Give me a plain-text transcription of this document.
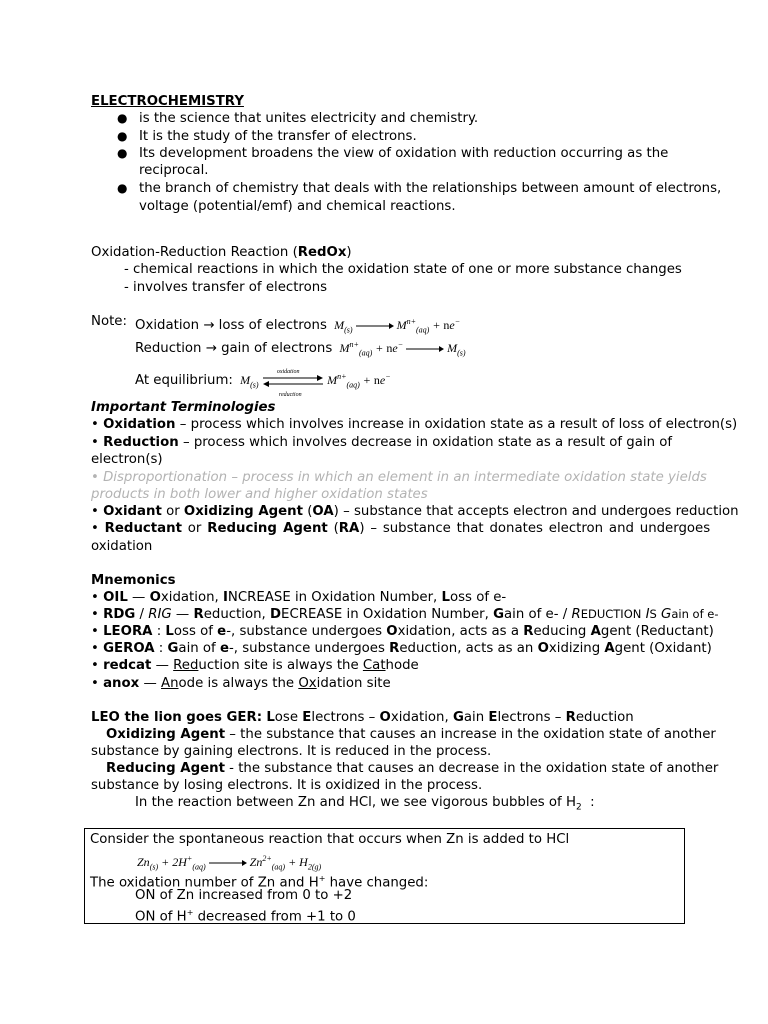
ELECTROCHEMISTRY
● is the science that unites electricity and chemistry.
● It is the study of the transfer of electrons.
● Its development broadens the view of oxidation with reduction occurring as the
reciprocal.
● the branch of chemistry that deals with the relationships between amount of electrons,
voltage (potential/emf) and chemical reactions.
Oxidation-Reduction Reaction (RedOx)
- chemical reactions in which the oxidation state of one or more substance changes
- involves transfer of electrons
Note: Oxidation → loss of electrons  $M_{(s)} \to M^{n+}_{(aq)} + ne^-$
Reduction → gain of electrons  $M^{n+}_{(aq)} + ne^- \to M_{(s)}$
At equilibrium:  $M_{(s)}$
oxidation
reduction
$M^{n+}_{(aq)} + ne^-$
Important Terminologies
• Oxidation – process which involves increase in oxidation state as a result of loss of electron(s)
• Reduction – process which involves decrease in oxidation state as a result of gain of
electron(s)
• Disproportionation – process in which an element in an intermediate oxidation state yields
products in both lower and higher oxidation states
• Oxidant or Oxidizing Agent (OA) – substance that accepts electron and undergoes reduction
• Reductant or Reducing Agent (RA) – substance that donates electron and undergoes
oxidation
Mnemonics
• OIL — Oxidation, INCREASE in Oxidation Number, Loss of e-
• RDG / RIG — Reduction, DECREASE in Oxidation Number, Gain of e- / REDUCTION IS Gain of e-
• LEORA : Loss of e-, substance undergoes Oxidation, acts as a Reducing Agent (Reductant)
• GEROA : Gain of e-, substance undergoes Reduction, acts as an Oxidizing Agent (Oxidant)
• redcat — Reduction site is always the Cathode
• anox — Anode is always the Oxidation site
LEO the lion goes GER: Lose Electrons – Oxidation, Gain Electrons – Reduction
Oxidizing Agent – the substance that causes an increase in the oxidation state of another
substance by gaining electrons. It is reduced in the process.
Reducing Agent - the substance that causes an decrease in the oxidation state of another
substance by losing electrons. It is oxidized in the process.
In the reaction between Zn and HCl, we see vigorous bubbles of $H_2$  :
Consider the spontaneous reaction that occurs when Zn is added to HCl
$Zn_{(s)} + 2H^+_{(aq)} \to Zn^{2+}_{(aq)} + H_{2(g)}$
The oxidation number of Zn and H+ have changed:
ON of Zn increased from 0 to +2
ON of H+ decreased from +1 to 0
